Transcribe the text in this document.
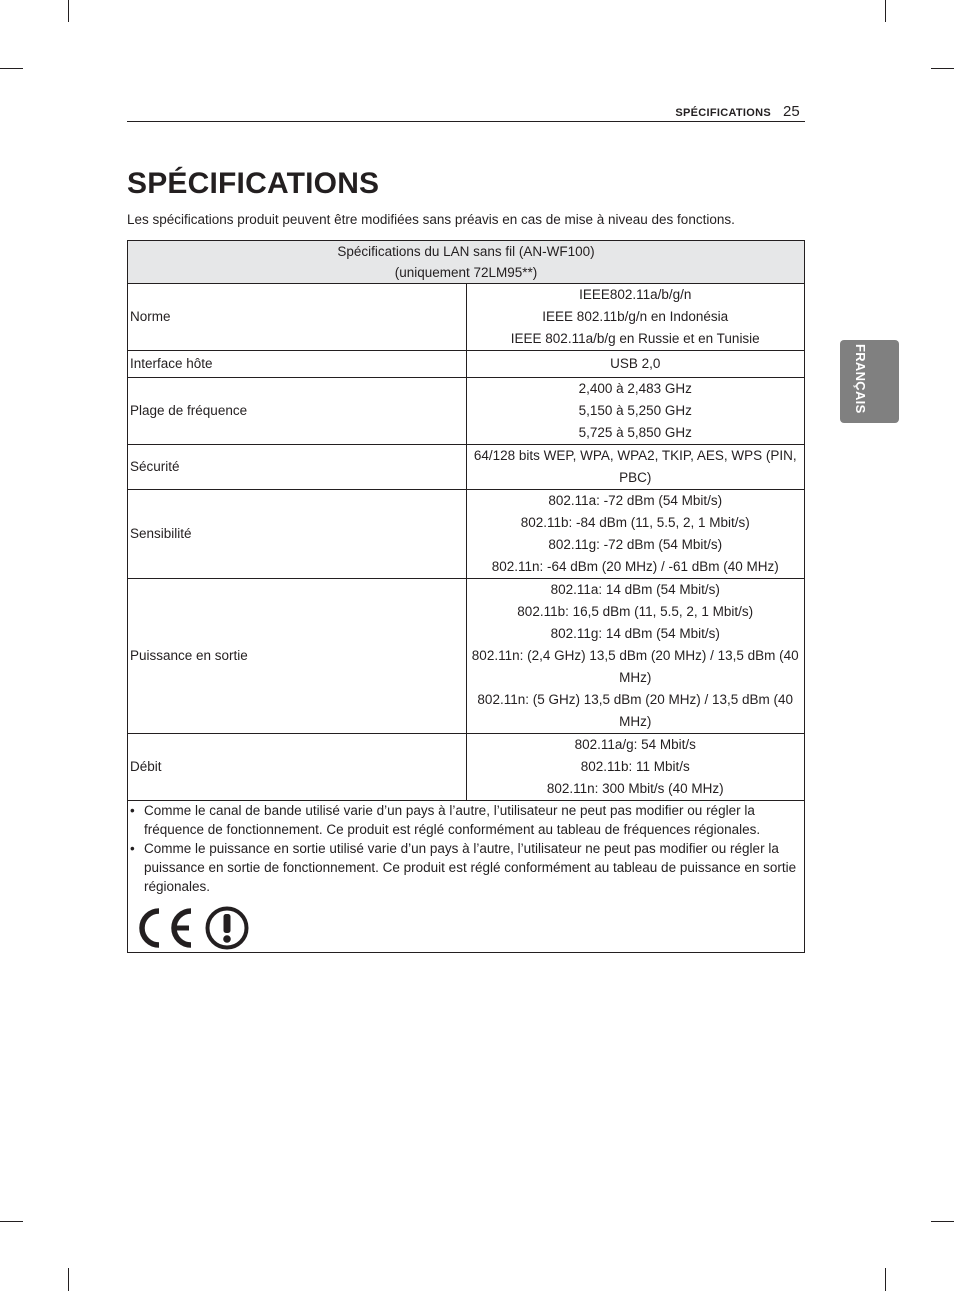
SPÉCIFICATIONS 25
SPÉCIFICATIONS
Les spécifications produit peuvent être modifiées sans préavis en cas de mise à niveau des fonctions.
FRANÇAIS
Spécifications du LAN sans fil (AN-WF100)
(uniquement 72LM95**)	

Norme	IEEE802.11a/b/g/n
IEEE 802.11b/g/n en Indonésia
IEEE 802.11a/b/g en Russie et en Tunisie

Interface hôte	USB 2,0

Plage de fréquence	2,400 à 2,483 GHz
5,150 à 5,250 GHz
5,725 à 5,850 GHz

Sécurité	64/128 bits WEP, WPA, WPA2, TKIP, AES, WPS (PIN, PBC)

Sensibilité	802.11a: -72 dBm (54 Mbit/s)
802.11b: -84 dBm (11, 5.5, 2, 1 Mbit/s)
802.11g: -72 dBm (54 Mbit/s)
802.11n: -64 dBm (20 MHz) / -61 dBm (40 MHz)

Puissance en sortie	802.11a: 14 dBm (54 Mbit/s)
802.11b: 16,5 dBm (11, 5.5, 2, 1 Mbit/s)
802.11g: 14 dBm (54 Mbit/s)
802.11n: (2,4 GHz) 13,5 dBm (20 MHz) / 13,5 dBm (40 MHz)
802.11n: (5 GHz) 13,5 dBm (20 MHz) / 13,5 dBm (40 MHz)

Débit	802.11a/g: 54 Mbit/s
802.11b: 11 Mbit/s
802.11n: 300 Mbit/s (40 MHz)

• Comme le canal de bande utilisé varie d’un pays à l’autre, l’utilisateur ne peut pas modifier ou régler la fréquence de fonctionnement. Ce produit est réglé conformément au tableau de fréquences régionales.
• Comme le puissance en sortie utilisé varie d’un pays à l’autre, l’utilisateur ne peut pas modifier ou régler la puissance en sortie de fonctionnement. Ce produit est réglé conformément au tableau de puissance en sortie régionales.	
